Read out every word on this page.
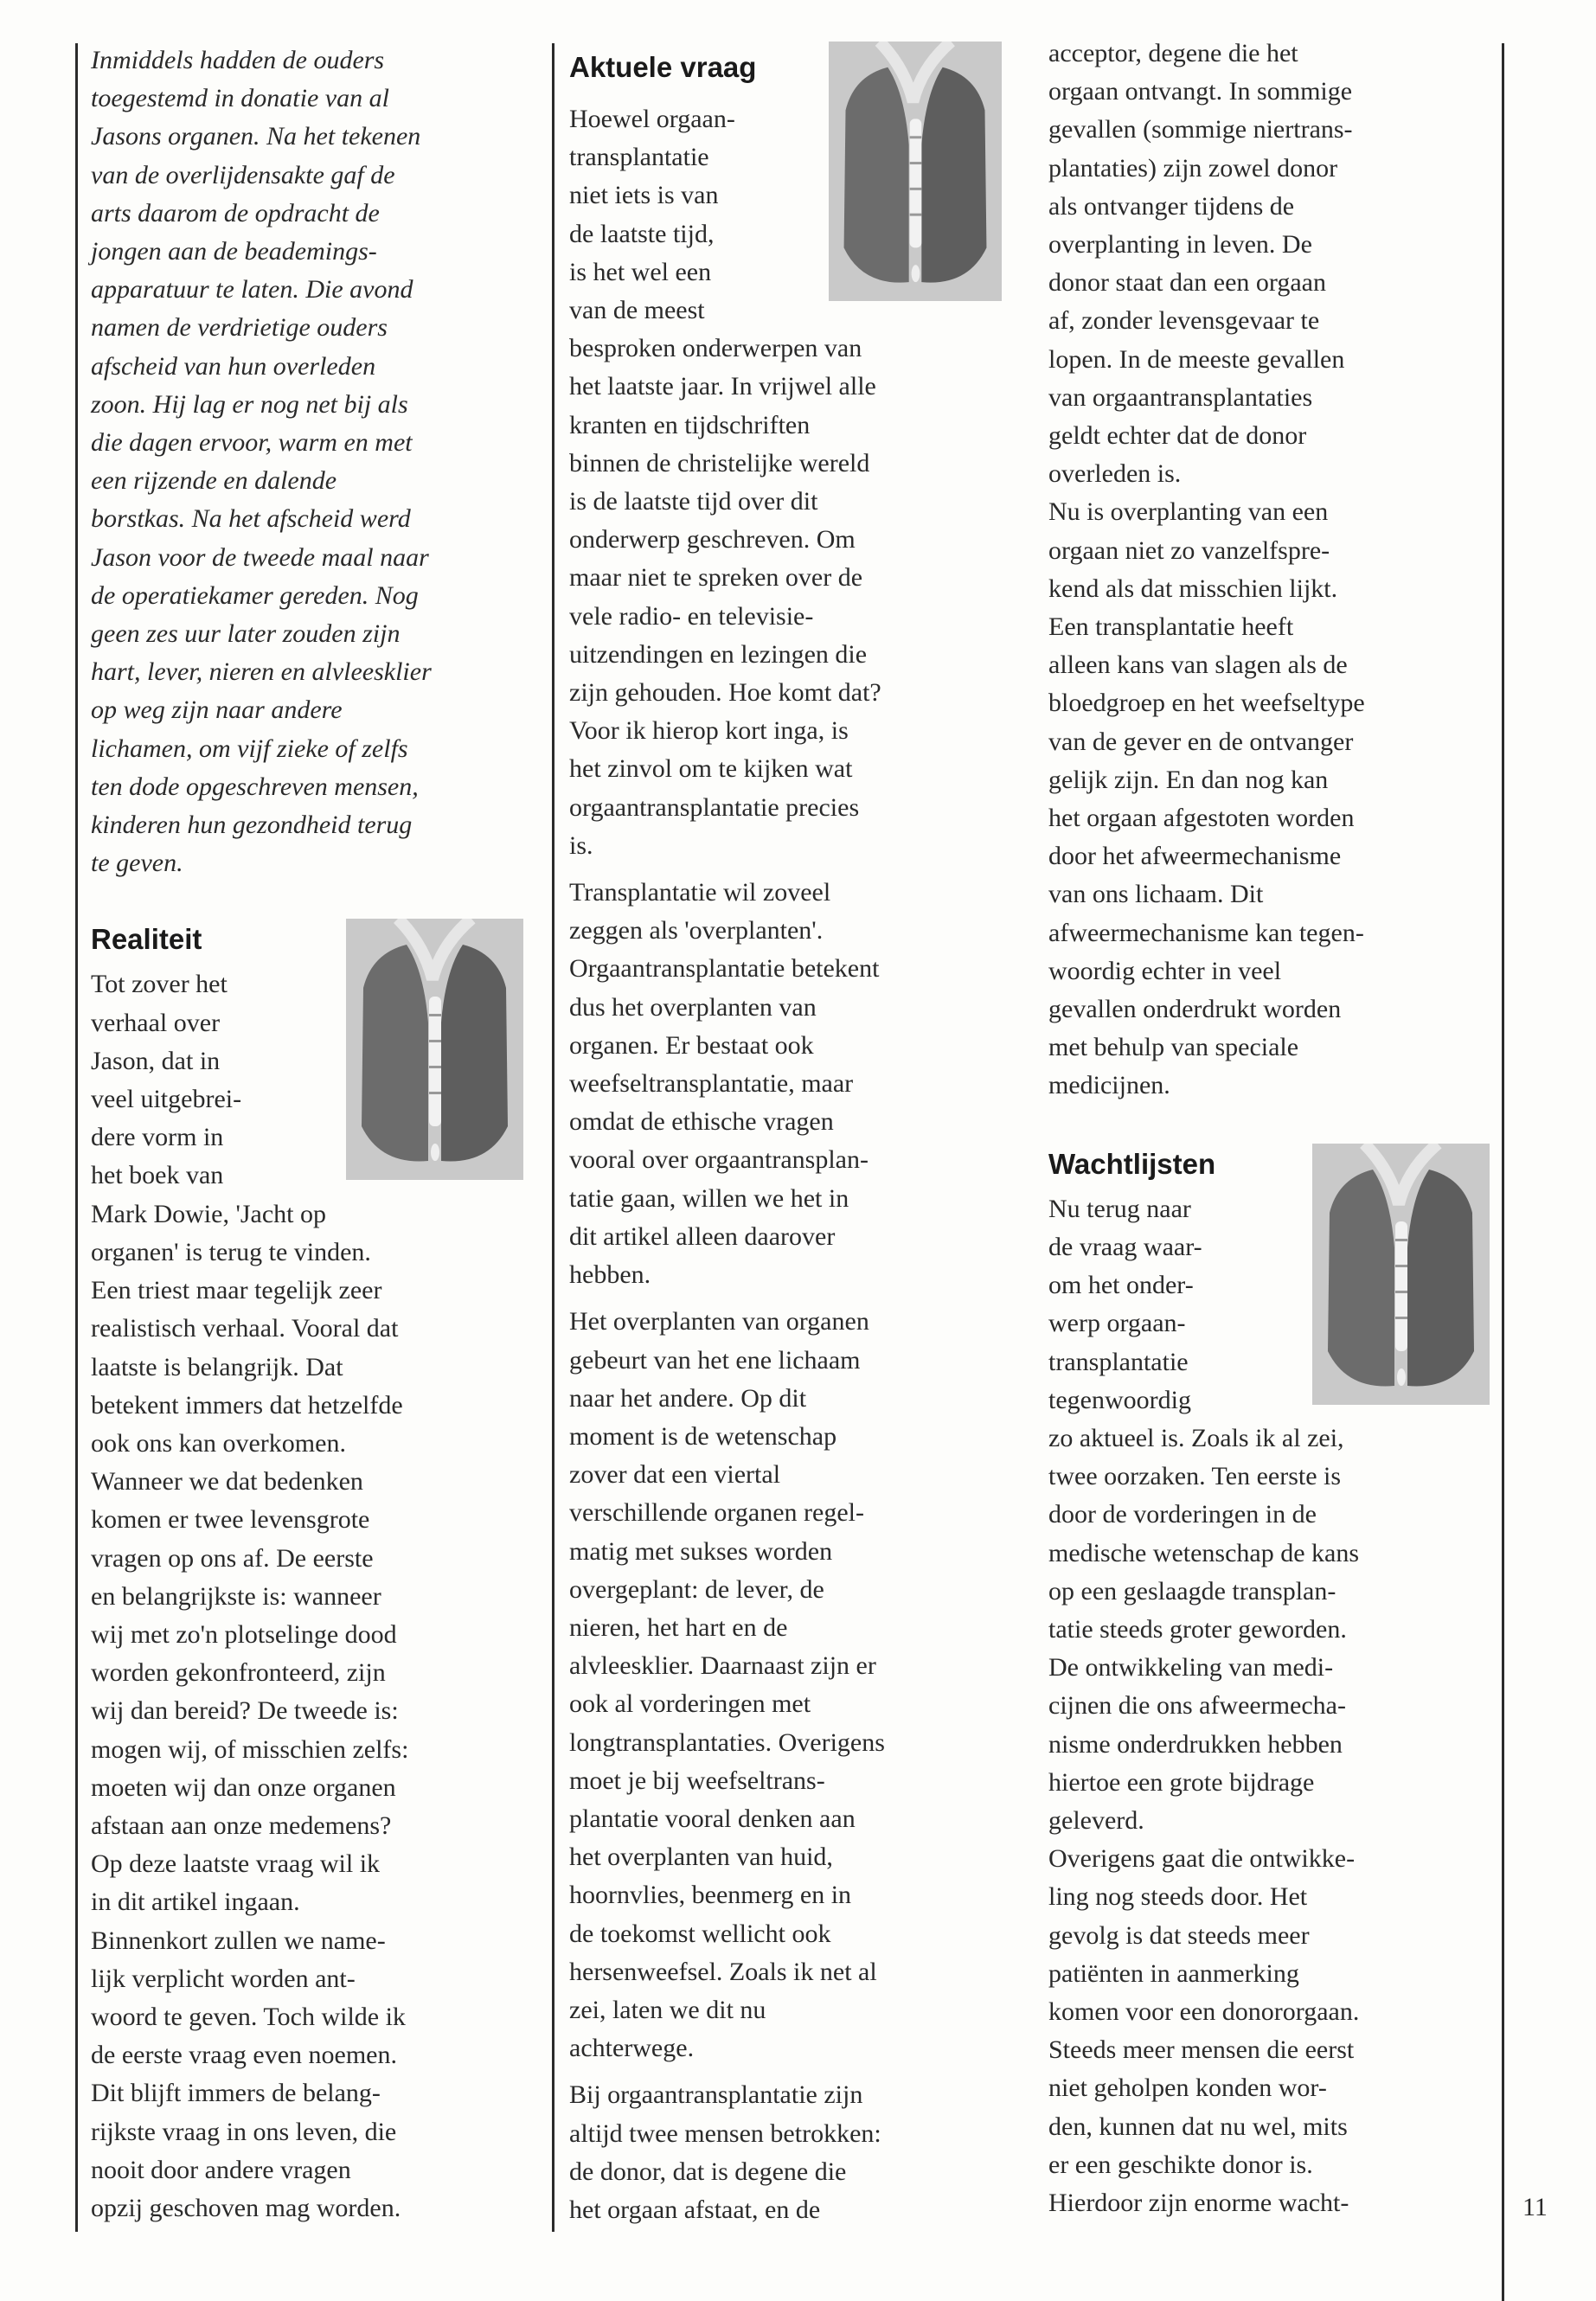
Inmiddels hadden de ouders
toegestemd in donatie van al
Jasons organen. Na het tekenen
van de overlijdensakte gaf de
arts daarom de opdracht de
jongen aan de beademings-
apparatuur te laten. Die avond
namen de verdrietige ouders
afscheid van hun overleden
zoon. Hij lag er nog net bij als
die dagen ervoor, warm en met
een rijzende en dalende
borstkas. Na het afscheid werd
Jason voor de tweede maal naar
de operatiekamer gereden. Nog
geen zes uur later zouden zijn
hart, lever, nieren en alvleesklier
op weg zijn naar andere
lichamen, om vijf zieke of zelfs
ten dode opgeschreven mensen,
kinderen hun gezondheid terug
te geven.

Realiteit

Tot zover het
verhaal over
Jason, dat in
veel uitgebrei-
dere vorm in
het boek van
Mark Dowie, 'Jacht op
organen' is terug te vinden.
Een triest maar tegelijk zeer
realistisch verhaal. Vooral dat
laatste is belangrijk. Dat
betekent immers dat hetzelfde
ook ons kan overkomen.
Wanneer we dat bedenken
komen er twee levensgrote
vragen op ons af. De eerste
en belangrijkste is: wanneer
wij met zo'n plotselinge dood
worden gekonfronteerd, zijn
wij dan bereid? De tweede is:
mogen wij, of misschien zelfs:
moeten wij dan onze organen
afstaan aan onze medemens?
Op deze laatste vraag wil ik
in dit artikel ingaan.
Binnenkort zullen we name-
lijk verplicht worden ant-
woord te geven. Toch wilde ik
de eerste vraag even noemen.
Dit blijft immers de belang-
rijkste vraag in ons leven, die
nooit door andere vragen
opzij geschoven mag worden.

Aktuele vraag

Hoewel orgaan-
transplantatie
niet iets is van
de laatste tijd,
is het wel een
van de meest
besproken onderwerpen van
het laatste jaar. In vrijwel alle
kranten en tijdschriften
binnen de christelijke wereld
is de laatste tijd over dit
onderwerp geschreven. Om
maar niet te spreken over de
vele radio- en televisie-
uitzendingen en lezingen die
zijn gehouden. Hoe komt dat?
Voor ik hierop kort inga, is
het zinvol om te kijken wat
orgaantransplantatie precies
is.

Transplantatie wil zoveel
zeggen als 'overplanten'.
Orgaantransplantatie betekent
dus het overplanten van
organen. Er bestaat ook
weefseltransplantatie, maar
omdat de ethische vragen
vooral over orgaantransplan-
tatie gaan, willen we het in
dit artikel alleen daarover
hebben.

Het overplanten van organen
gebeurt van het ene lichaam
naar het andere. Op dit
moment is de wetenschap
zover dat een viertal
verschillende organen regel-
matig met sukses worden
overgeplant: de lever, de
nieren, het hart en de
alvleesklier. Daarnaast zijn er
ook al vorderingen met
longtransplantaties. Overigens
moet je bij weefseltrans-
plantatie vooral denken aan
het overplanten van huid,
hoornvlies, beenmerg en in
de toekomst wellicht ook
hersenweefsel. Zoals ik net al
zei, laten we dit nu
achterwege.

Bij orgaantransplantatie zijn
altijd twee mensen betrokken:
de donor, dat is degene die
het orgaan afstaat, en de

acceptor, degene die het
orgaan ontvangt. In sommige
gevallen (sommige niertrans-
plantaties) zijn zowel donor
als ontvanger tijdens de
overplanting in leven. De
donor staat dan een orgaan
af, zonder levensgevaar te
lopen. In de meeste gevallen
van orgaantransplantaties
geldt echter dat de donor
overleden is.

Nu is overplanting van een
orgaan niet zo vanzelfspre-
kend als dat misschien lijkt.
Een transplantatie heeft
alleen kans van slagen als de
bloedgroep en het weefseltype
van de gever en de ontvanger
gelijk zijn. En dan nog kan
het orgaan afgestoten worden
door het afweermechanisme
van ons lichaam. Dit
afweermechanisme kan tegen-
woordig echter in veel
gevallen onderdrukt worden
met behulp van speciale
medicijnen.

Wachtlijsten

Nu terug naar
de vraag waar-
om het onder-
werp orgaan-
transplantatie
tegenwoordig
zo aktueel is. Zoals ik al zei,
twee oorzaken. Ten eerste is
door de vorderingen in de
medische wetenschap de kans
op een geslaagde transplan-
tatie steeds groter geworden.
De ontwikkeling van medi-
cijnen die ons afweermecha-
nisme onderdrukken hebben
hiertoe een grote bijdrage
geleverd.

Overigens gaat die ontwikke-
ling nog steeds door. Het
gevolg is dat steeds meer
patiënten in aanmerking
komen voor een donororgaan.
Steeds meer mensen die eerst
niet geholpen konden wor-
den, kunnen dat nu wel, mits
er een geschikte donor is.
Hierdoor zijn enorme wacht-	11
